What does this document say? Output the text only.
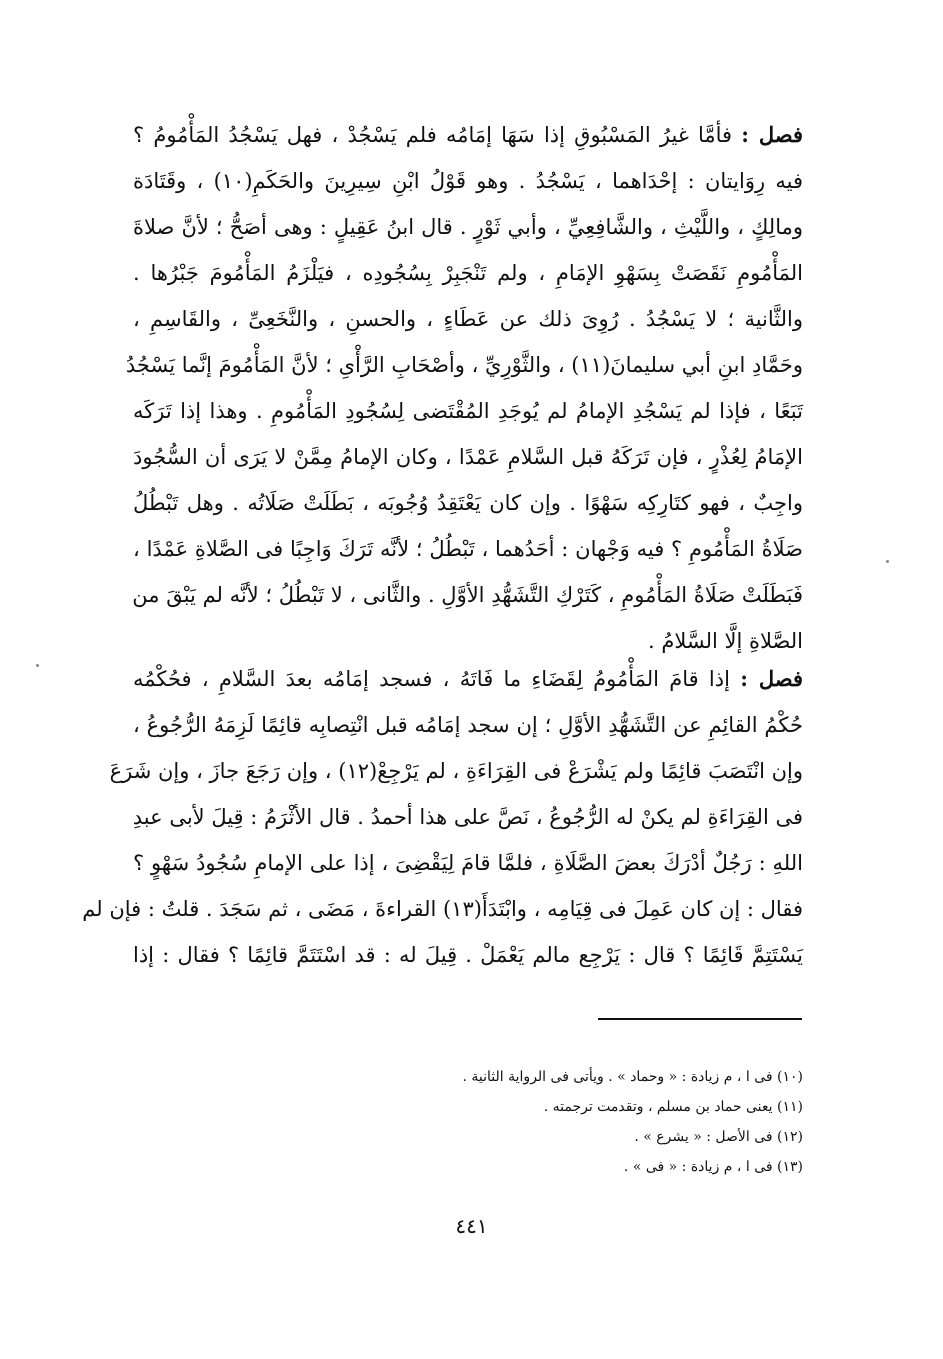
فصل : فأمَّا غيرُ المَسْبُوقِ إذا سَهَا إمَامُه فلم يَسْجُدْ ، فهل يَسْجُدُ المَأْمُومُ ؟
فيه رِوَايتان : إحْدَاهما ، يَسْجُدُ . وهو قَوْلُ ابْنِ سِيرِينَ والحَكَمِ(١٠) ، وقَتَادَة
ومالِكٍ ، واللَّيْثِ ، والشَّافِعِيِّ ، وأبي ثَوْرٍ . قال ابنُ عَقِيلٍ : وهى أصَحُّ ؛ لأنَّ صلاةَ
المَأْمُومِ نَقَصَتْ بِسَهْوِ الإمَامِ ، ولم تَنْجَبِرْ بِسُجُودِه ، فيَلْزَمُ المَأْمُومَ جَبْرُها .
والثَّانية ؛ لا يَسْجُدُ . رُوِىَ ذلك عن عَطَاءٍ ، والحسنِ ، والنَّخَعِىِّ ، والقَاسِمِ ،
وحَمَّادِ ابنِ أبي سليمانَ(١١) ، والثَّوْرِيِّ ، وأصْحَابِ الرَّأْىِ ؛ لأنَّ المَأْمُومَ إنَّما يَسْجُدُ
تَبَعًا ، فإذا لم يَسْجُدِ الإمامُ لم يُوجَدِ المُقْتَضى لِسُجُودِ المَأْمُومِ . وهذا إذا تَرَكَه
الإمَامُ لِعُذْرٍ ، فإن تَرَكَهُ قبل السَّلامِ عَمْدًا ، وكان الإمامُ مِمَّنْ لا يَرَى أن السُّجُودَ
واجِبٌ ، فهو كتَارِكِه سَهْوًا . وإن كان يَعْتَقِدُ وُجُوبَه ، بَطَلَتْ صَلَاتُه . وهل تَبْطُلُ
صَلَاةُ المَأْمُومِ ؟ فيه وَجْهان : أحَدُهما ، تَبْطُلُ ؛ لأنَّه تَرَكَ وَاجِبًا فى الصَّلاةِ عَمْدًا ،
فَبَطَلَتْ صَلَاةُ المَأْمُومِ ، كَتَرْكِ التَّشَهُّدِ الأوَّلِ . والثَّانى ، لا تَبْطُلُ ؛ لأنَّه لم يَبْقَ من
الصَّلاةِ إلَّا السَّلامُ .
فصل : إذا قامَ المَأْمُومُ لِقَضَاءِ ما فَاتَهُ ، فسجد إمَامُه بعدَ السَّلامِ ، فحُكْمُه
حُكْمُ القائِمِ عن التَّشَهُّدِ الأوَّلِ ؛ إن سجد إمَامُه قبل انْتِصابِه قائِمًا لَزِمَهُ الرُّجُوعُ ،
وإن انْتَصَبَ قائِمًا ولم يَشْرَعْ فى القِرَاءَةِ ، لم يَرْجِعْ(١٢) ، وإن رَجَعَ جازَ ، وإن شَرَعَ
فى القِرَاءَةِ لم يكنْ له الرُّجُوعُ ، نَصَّ على هذا أحمدُ . قال الأثْرَمُ : قِيلَ لأبى عبدِ
اللهِ : رَجُلٌ أدْرَكَ بعضَ الصَّلَاةِ ، فلمَّا قامَ لِيَقْضِىَ ، إذا على الإمامِ سُجُودُ سَهْوٍ ؟
فقال : إن كان عَمِلَ فى قِيَامِه ، وابْتَدَأَ(١٣) القراءةَ ، مَضَى ، ثم سَجَدَ . قلتُ : فإن لم
يَسْتَتِمَّ قَائِمًا ؟ قال : يَرْجِع مالم يَعْمَلْ . قِيلَ له : قد اسْتَتَمَّ قائِمًا ؟ فقال : إذا
(١٠) فى ا ، م زيادة : « وحماد » . ويأتى فى الرواية الثانية .
(١١) يعنى حماد بن مسلم ، وتقدمت ترجمته .
(١٢) فى الأصل : « يشرع » .
(١٣) فى ا ، م زيادة : « فى » .
٤٤١
